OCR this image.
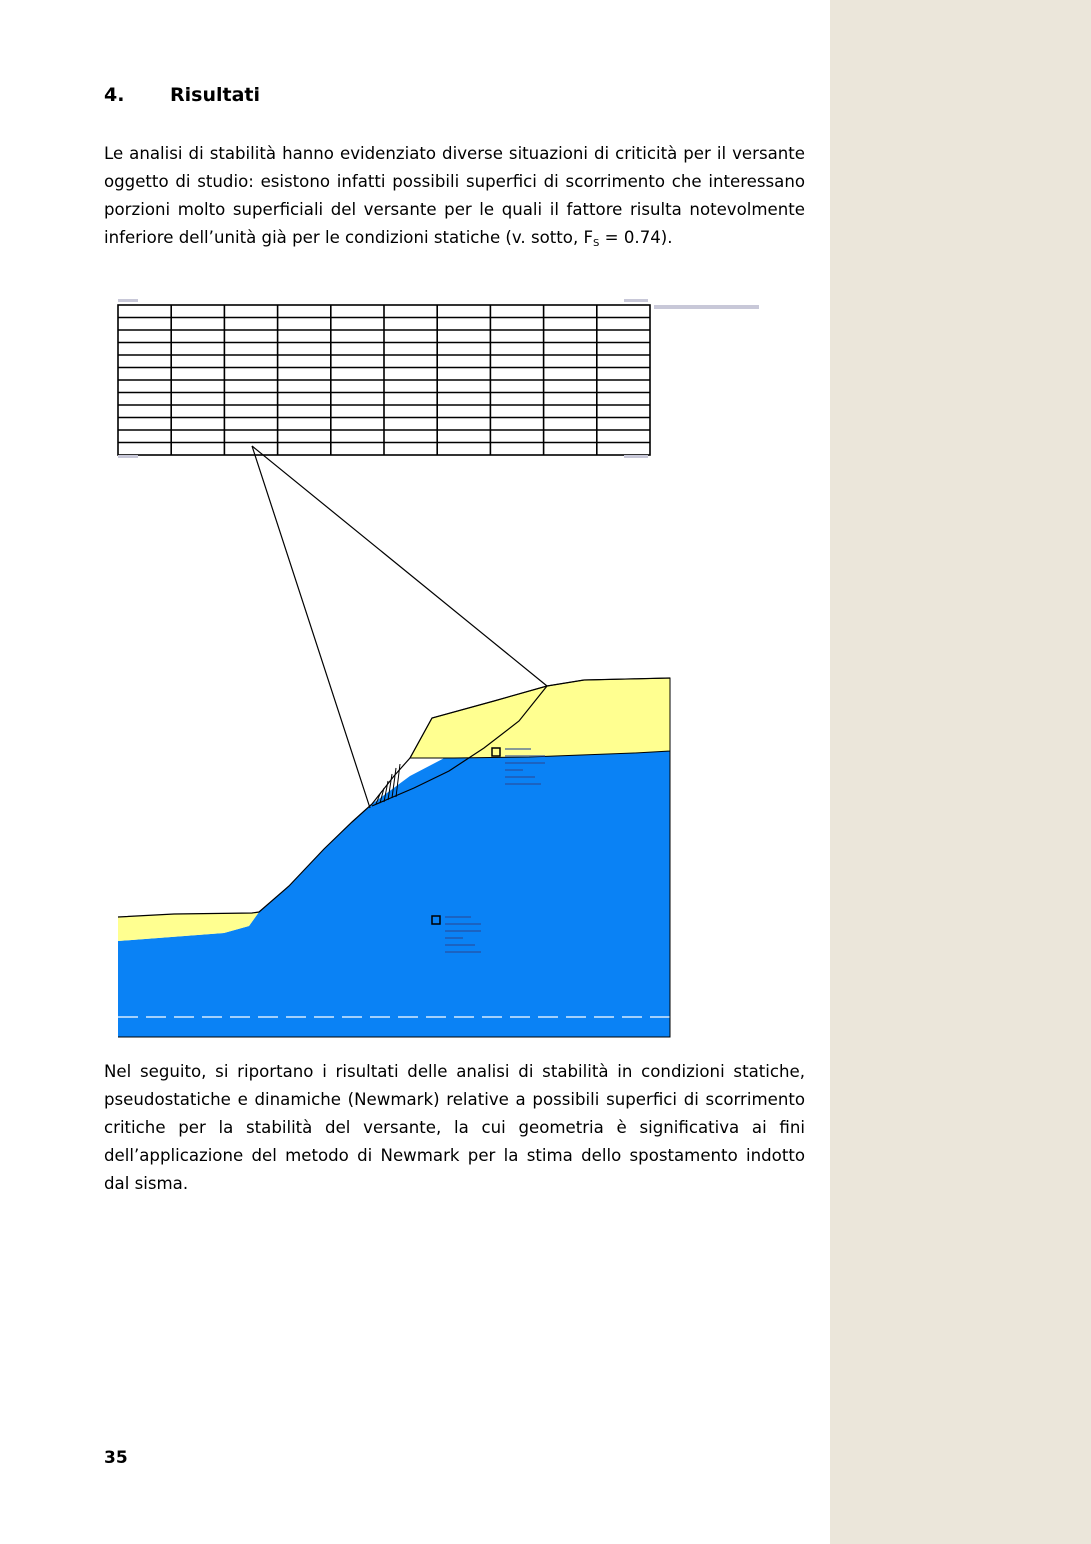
4. Risultati

Le analisi di stabilità hanno evidenziato diverse situazioni di criticità per il versante oggetto di studio: esistono infatti possibili superfici di scorrimento che interessano porzioni molto superficiali del versante per le quali il fattore risulta notevolmente inferiore dell’unità già per le condizioni statiche (v. sotto, $F_S = 0.74$).

Nel seguito, si riportano i risultati delle analisi di stabilità in condizioni statiche, pseudostatiche e dinamiche (Newmark) relative a possibili superfici di scorrimento critiche per la stabilità del versante, la cui geometria è significativa ai fini dell’applicazione del metodo di Newmark per la stima dello spostamento indotto dal sisma.

35
